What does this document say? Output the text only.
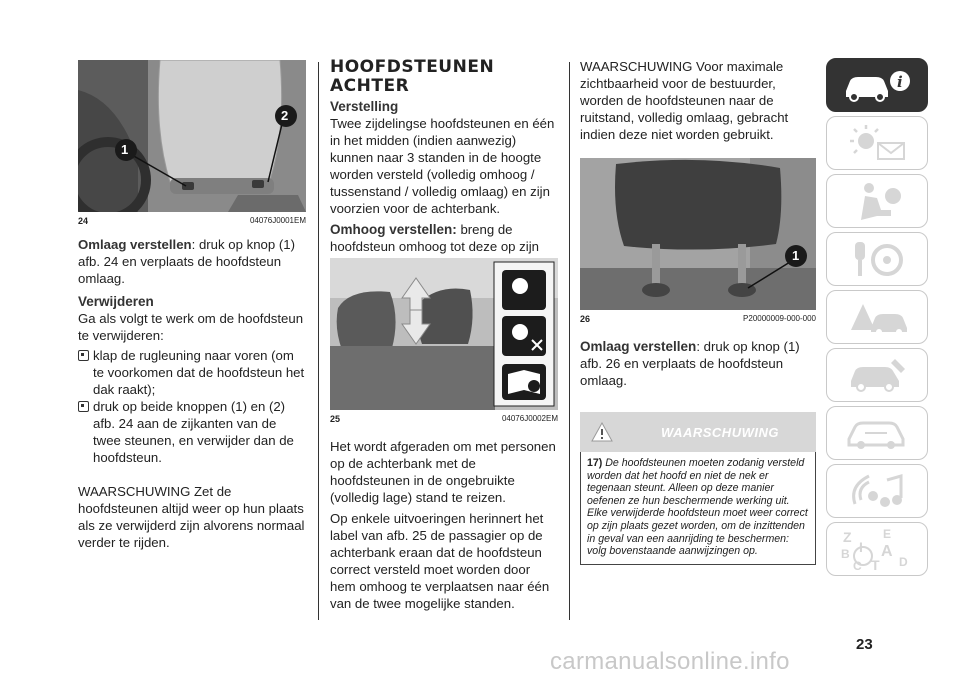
1
2
24	04076J0001EM

Omlaag verstellen: druk op knop (1) afb. 24 en verplaats de hoofdsteun omlaag.

Verwijderen

Ga als volgt te werk om de hoofdsteun te verwijderen:

klap de rugleuning naar voren (om te voorkomen dat de hoofdsteun het dak raakt);
druk op beide knoppen (1) en (2) afb. 24 aan de zijkanten van de twee steunen, en verwijder dan de hoofdsteun.

WAARSCHUWING Zet de hoofdsteunen altijd weer op hun plaats als ze verwijderd zijn alvorens normaal verder te rijden.

HOOFDSTEUNEN ACHTER

Verstelling

Twee zijdelingse hoofdsteunen en één in het midden (indien aanwezig) kunnen naar 3 standen in de hoogte worden versteld (volledig omhoog / tussenstand / volledig omlaag) en zijn voorzien voor de achterbank.

Omhoog verstellen: breng de hoofdsteun omhoog tot deze op zijn

25	04076J0002EM

Het wordt afgeraden om met personen op de achterbank met de hoofdsteunen in de ongebruikte (volledig lage) stand te reizen.

Op enkele uitvoeringen herinnert het label van afb. 25 de passagier op de achterbank eraan dat de hoofdsteun correct versteld moet worden door hem omhoog te verplaatsen naar één van de twee mogelijke standen.

WAARSCHUWING Voor maximale zichtbaarheid voor de bestuurder, worden de hoofdsteunen naar de ruitstand, volledig omlaag, gebracht indien deze niet worden gebruikt.

1
26	P20000009-000-000

Omlaag verstellen: druk op knop (1) afb. 26 en verplaats de hoofdsteun omlaag.

WAARSCHUWING
17) De hoofdsteunen moeten zodanig versteld worden dat het hoofd en niet de nek er tegenaan steunt. Alleen op deze manier oefenen ze hun beschermende werking uit. Elke verwijderde hoofdsteun moet weer correct op zijn plaats gezet worden, om de inzittenden in geval van een aanrijding te beschermen: volg bovenstaande aanwijzingen op.
i
Z	E
A
B
C T D
I
23
carmanualsonline.info
